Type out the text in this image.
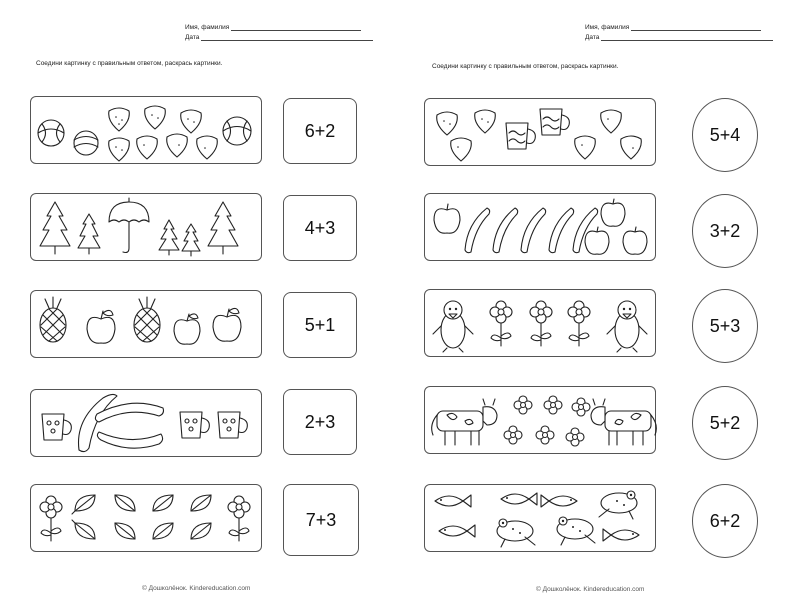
Имя, фамилия
Дата
Соедини картинку с правильным ответом, раскрась картинки.
6+2
4+3
5+1
2+3
7+3
© Дошколёнок. Kindereducation.com
Имя, фамилия
Дата
Соедини картинку с правильным ответом, раскрась картинки.
5+4
3+2
5+3
5+2
6+2
© Дошколёнок. Kindereducation.com
